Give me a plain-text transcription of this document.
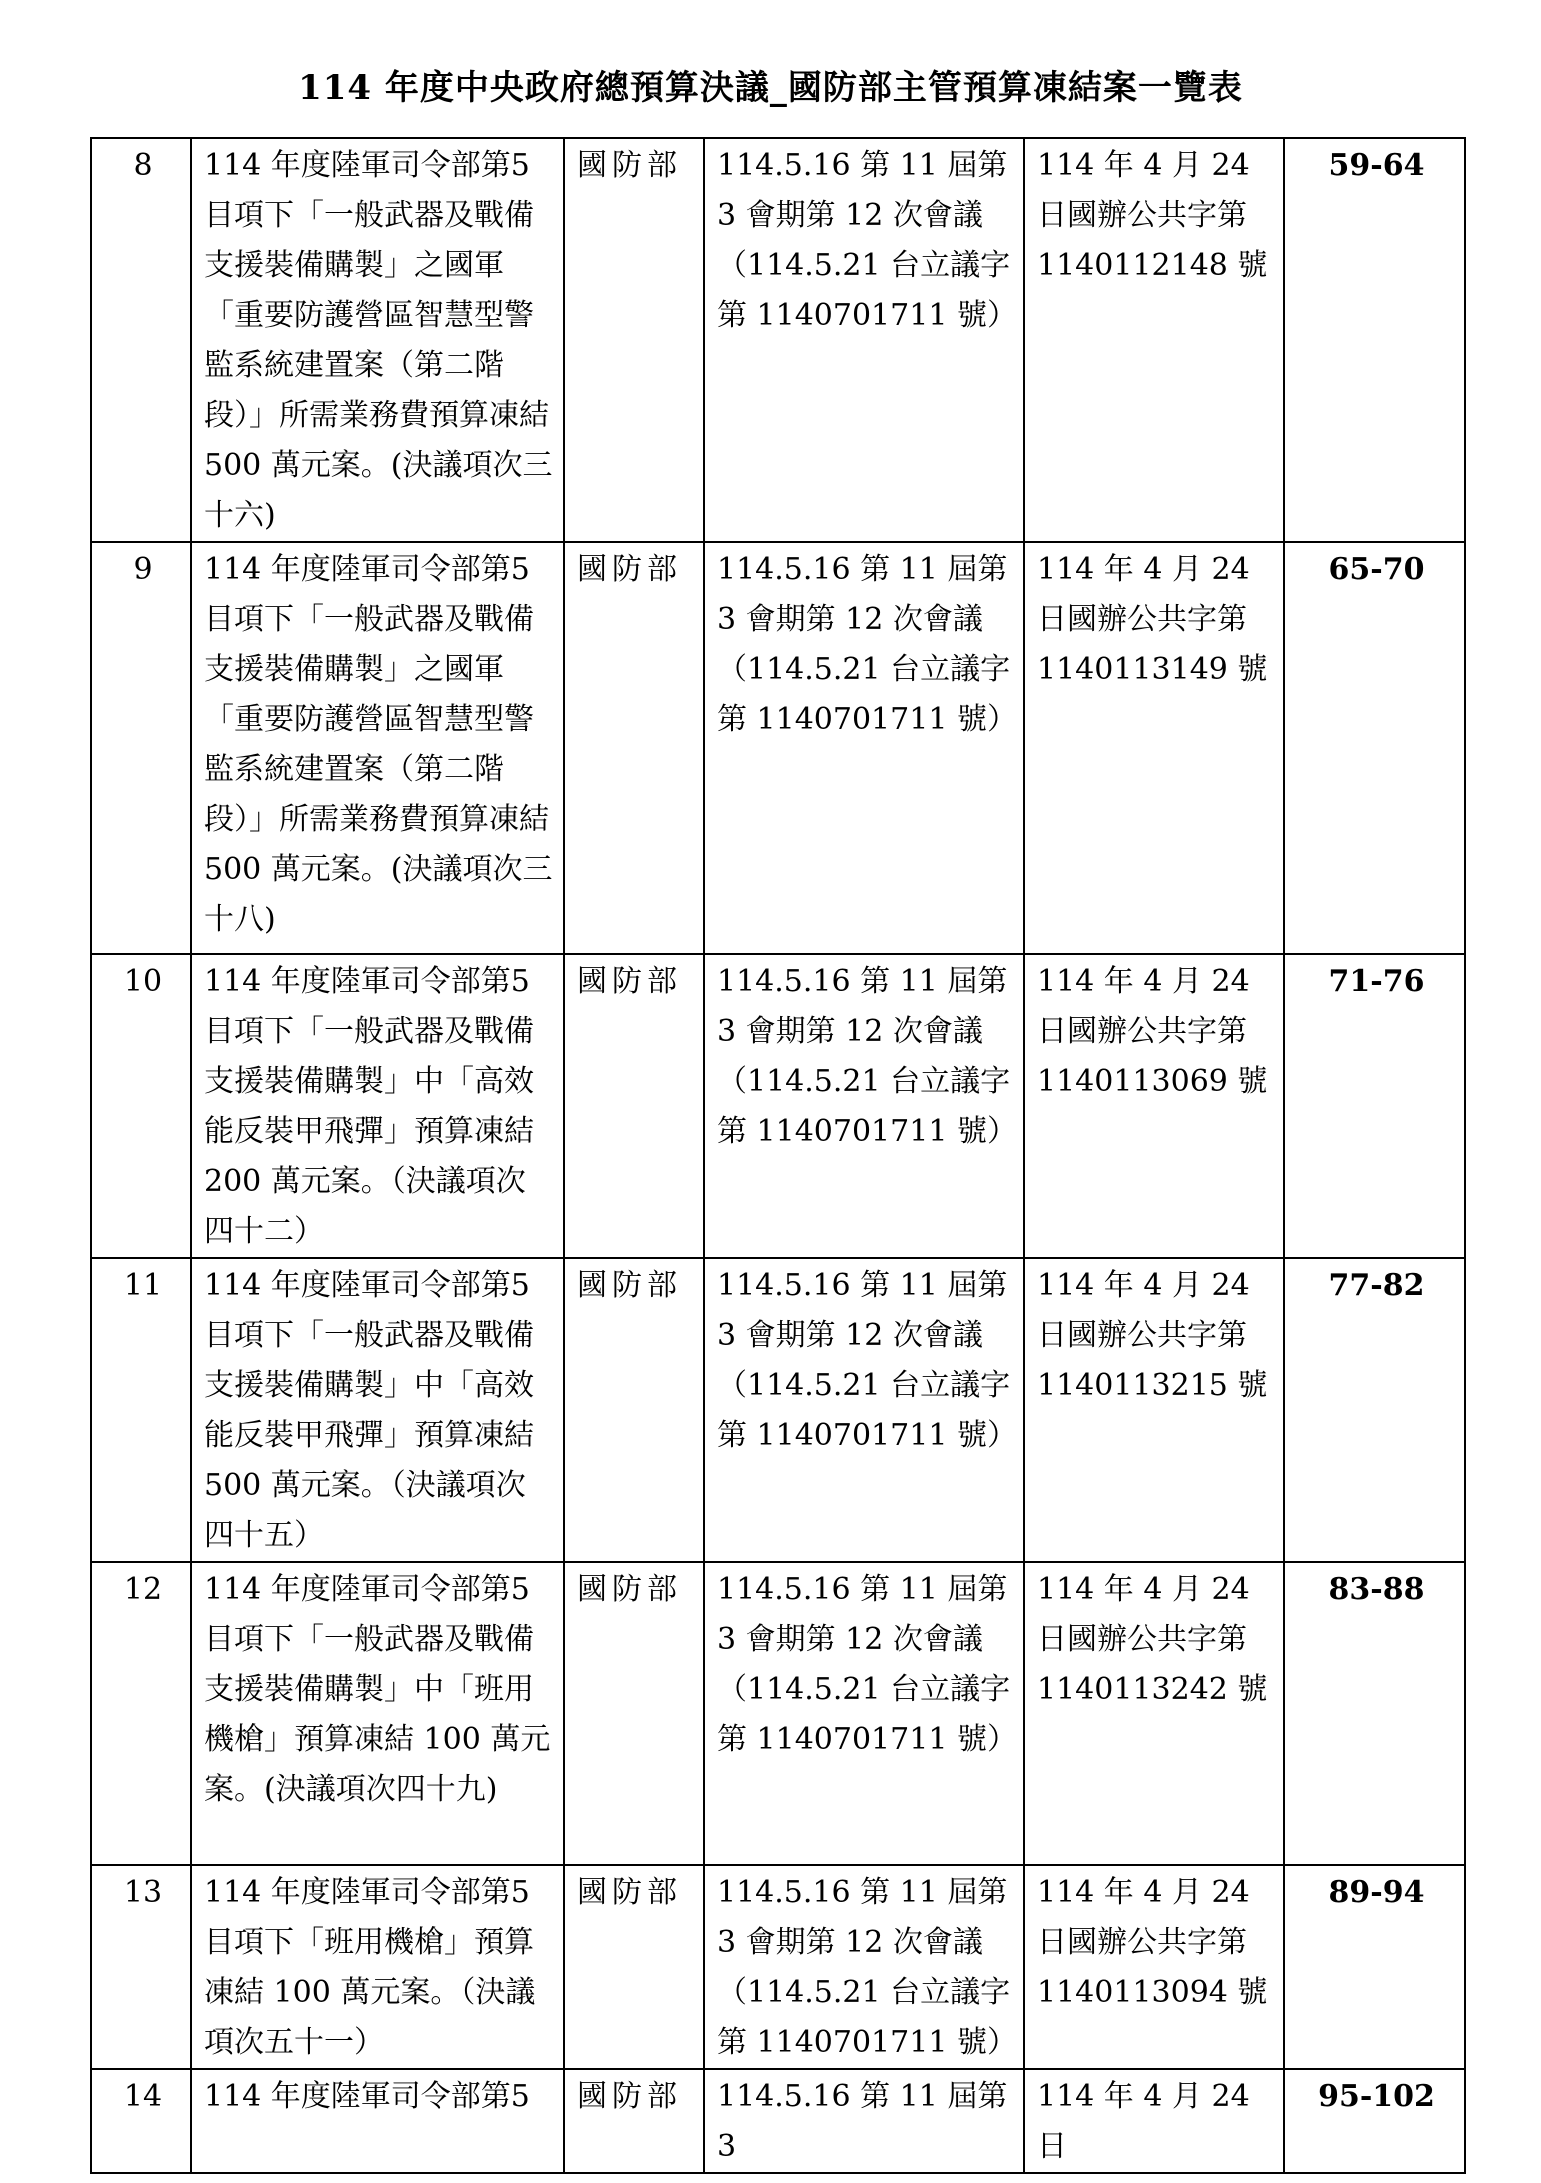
114 年度中央政府總預算決議_國防部主管預算凍結案一覽表
8	114 年度陸軍司令部第5目項下「一般武器及戰備支援裝備購製」之國軍「重要防護營區智慧型警監系統建置案（第二階段）」所需業務費預算凍結 500 萬元案。(決議項次三十六)	國防部	114.5.16 第 11 屆第 3 會期第 12 次會議（114.5.21 台立議字第 1140701711 號）	114 年 4 月 24 日國辦公共字第 1140112148 號	59-64
9	114 年度陸軍司令部第5目項下「一般武器及戰備支援裝備購製」之國軍「重要防護營區智慧型警監系統建置案（第二階段）」所需業務費預算凍結 500 萬元案。(決議項次三十八)	國防部	114.5.16 第 11 屆第 3 會期第 12 次會議（114.5.21 台立議字第 1140701711 號）	114 年 4 月 24 日國辦公共字第 1140113149 號	65-70
10	114 年度陸軍司令部第5目項下「一般武器及戰備支援裝備購製」中「高效能反裝甲飛彈」預算凍結 200 萬元案。（決議項次四十二）	國防部	114.5.16 第 11 屆第 3 會期第 12 次會議（114.5.21 台立議字第 1140701711 號）	114 年 4 月 24 日國辦公共字第 1140113069 號	71-76
11	114 年度陸軍司令部第5目項下「一般武器及戰備支援裝備購製」中「高效能反裝甲飛彈」預算凍結 500 萬元案。（決議項次四十五）	國防部	114.5.16 第 11 屆第 3 會期第 12 次會議（114.5.21 台立議字第 1140701711 號）	114 年 4 月 24 日國辦公共字第 1140113215 號	77-82
12	114 年度陸軍司令部第5目項下「一般武器及戰備支援裝備購製」中「班用機槍」預算凍結 100 萬元案。(決議項次四十九)	國防部	114.5.16 第 11 屆第 3 會期第 12 次會議（114.5.21 台立議字第 1140701711 號）	114 年 4 月 24 日國辦公共字第 1140113242 號	83-88
13	114 年度陸軍司令部第5目項下「班用機槍」預算凍結 100 萬元案。（決議項次五十一）	國防部	114.5.16 第 11 屆第 3 會期第 12 次會議（114.5.21 台立議字第 1140701711 號）	114 年 4 月 24 日國辦公共字第 1140113094 號	89-94
14	114 年度陸軍司令部第5	國防部	114.5.16 第 11 屆第 3	114 年 4 月 24 日	95-102
